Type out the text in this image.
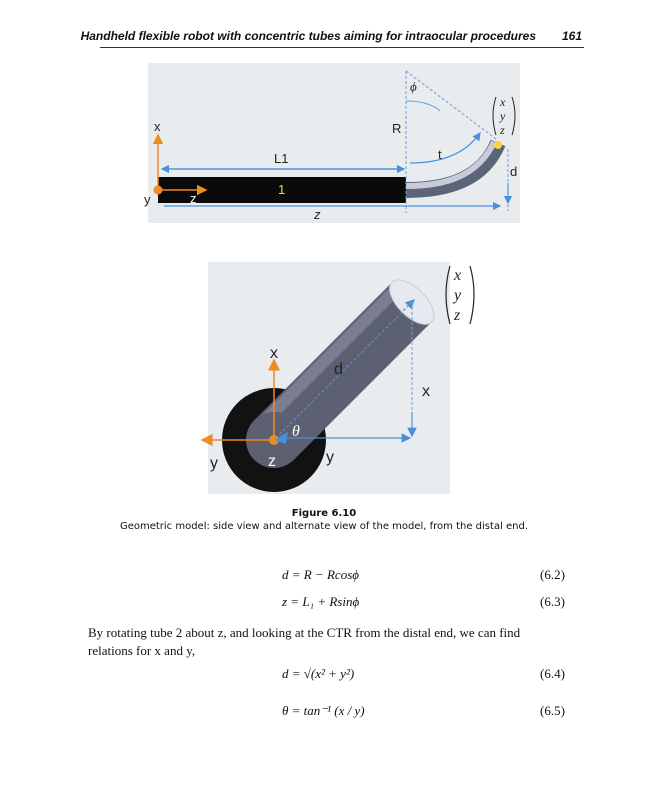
Handheld flexible robot with concentric tubes aiming for intraocular procedures 161
x
y	z
L1
1
z
R
ϕ
t
d
x
y
z
x
y	z
d
x
y
θ
x
y
z
Figure 6.10
Geometric model: side view and alternate view of the model, from the distal end.
d = R − Rcosϕ	(6.2)
z = L₁ + Rsinϕ	(6.3)
By rotating tube 2 about z, and looking at the CTR from the distal end, we can find relations for x and y,
d = √(x² + y²)	(6.4)
θ = tan⁻¹ (x / y)	(6.5)
